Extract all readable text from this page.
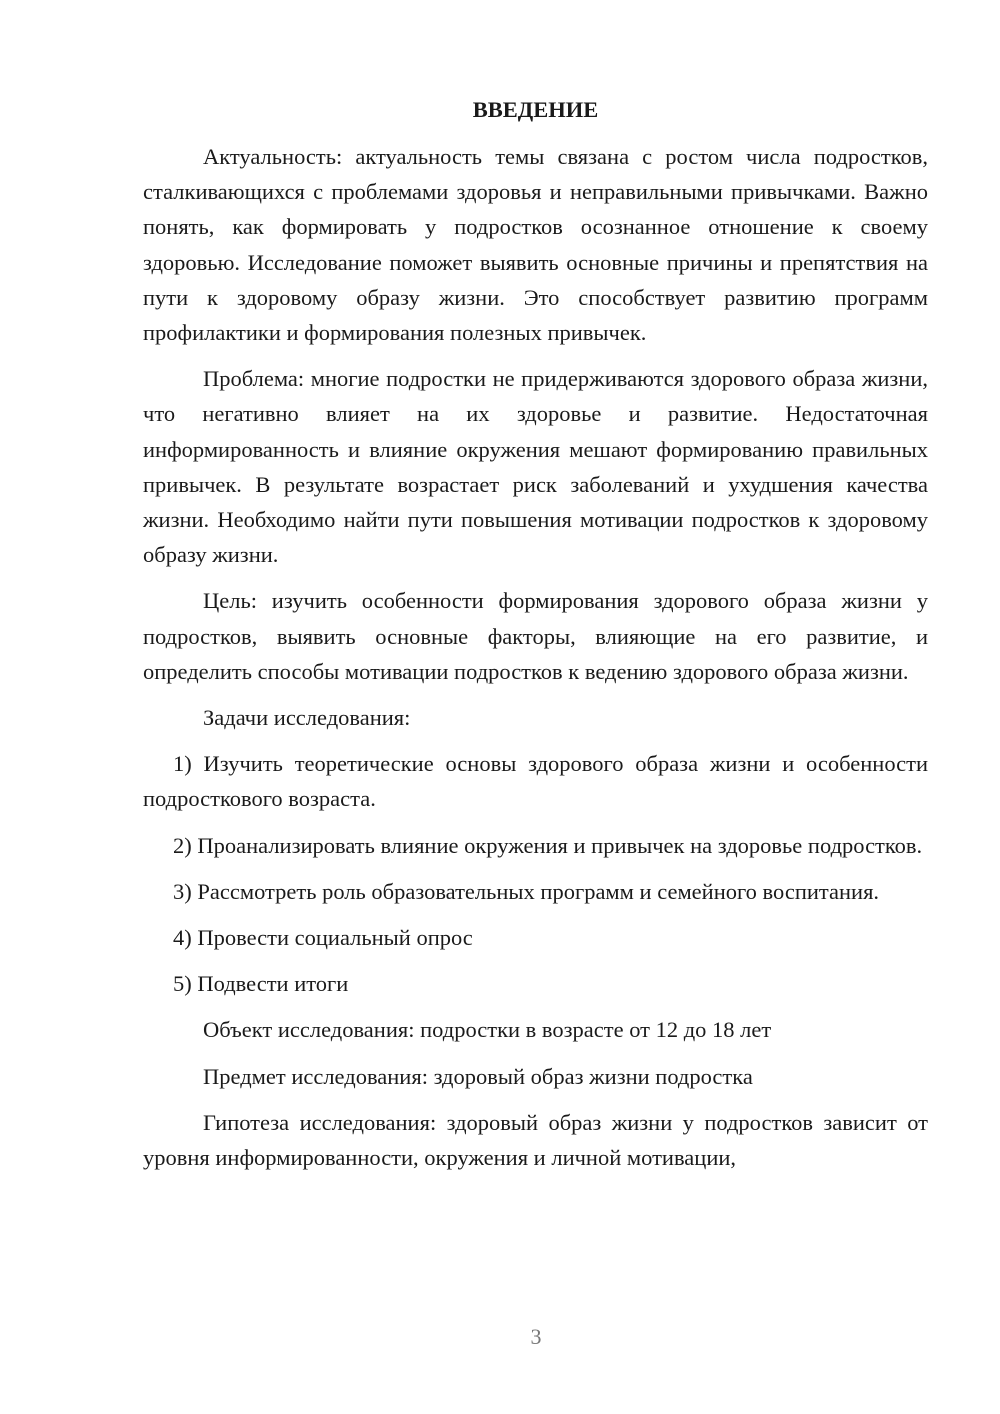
ВВЕДЕНИЕ

Актуальность: актуальность темы связана с ростом числа подростков, сталкивающихся с проблемами здоровья и неправильными привычками. Важно понять, как формировать у подростков осознанное отношение к своему здоровью. Исследование поможет выявить основные причины и препятствия на пути к здоровому образу жизни. Это способствует развитию программ профилактики и формирования полезных привычек.

Проблема: многие подростки не придерживаются здорового образа жизни, что негативно влияет на их здоровье и развитие. Недостаточная информированность и влияние окружения мешают формированию правильных привычек. В результате возрастает риск заболеваний и ухудшения качества жизни. Необходимо найти пути повышения мотивации подростков к здоровому образу жизни.

Цель: изучить особенности формирования здорового образа жизни у подростков, выявить основные факторы, влияющие на его развитие, и определить способы мотивации подростков к ведению здорового образа жизни.

Задачи исследования:

1) Изучить теоретические основы здорового образа жизни и особенности подросткового возраста.

2) Проанализировать влияние окружения и привычек на здоровье подростков.

3) Рассмотреть роль образовательных программ и семейного воспитания.

4) Провести социальный опрос

5) Подвести итоги

Объект исследования: подростки в возрасте от 12 до 18 лет

Предмет исследования: здоровый образ жизни подростка

Гипотеза исследования: здоровый образ жизни у подростков зависит от уровня информированности, окружения и личной мотивации,

3
